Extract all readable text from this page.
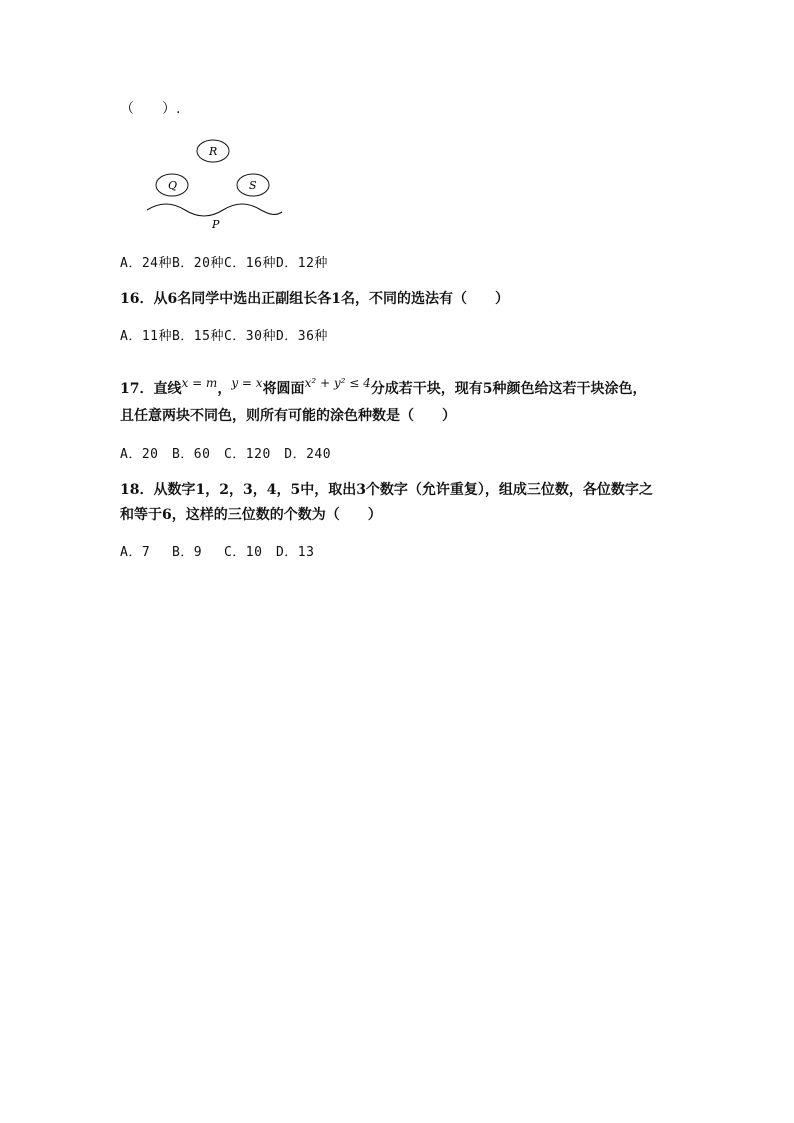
（　　）.
R
Q	S
P
A．24种B．20种C．16种D．12种
16．从6名同学中选出正副组长各1名，不同的选法有（　　）
A．11种B．15种C．30种D．36种
17．直线x = m，y = x将圆面x² + y² ≤ 4分成若干块，现有5种颜色给这若干块涂色，
且任意两块不同色，则所有可能的涂色种数是（　　）
A．20　B．60　C．120　D．240
18．从数字1，2，3，4，5中，取出3个数字（允许重复），组成三位数，各位数字之
和等于6，这样的三位数的个数为（　　）
A．7　 B．9　 C．10　D．13
